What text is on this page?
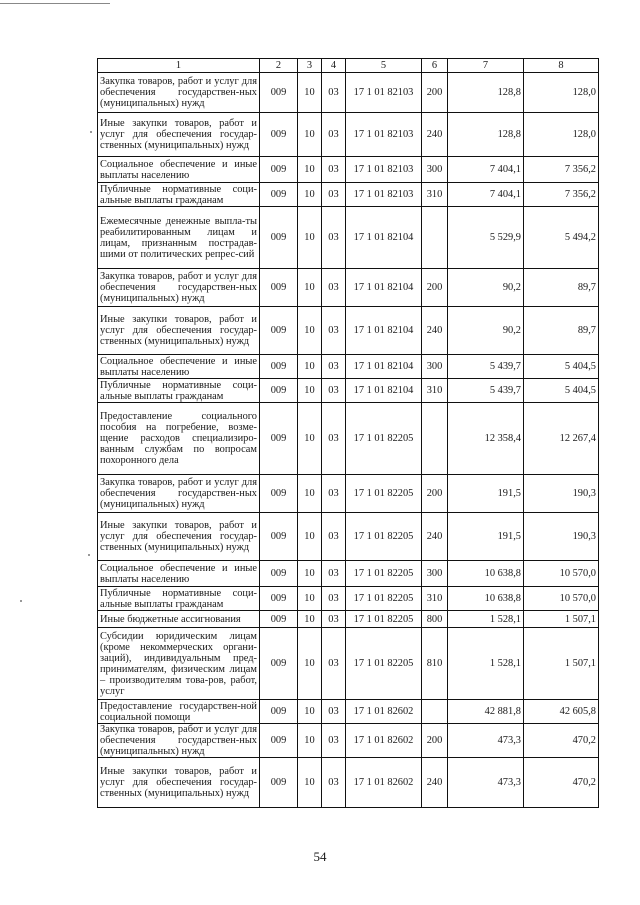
1	2	3	4	5	6	7	8
Закупка товаров, работ и услуг для обеспечения государствен-ных (муниципальных) нужд	009	10	03	17 1 01 82103	200	128,8	128,0
Иные закупки товаров, работ и услуг для обеспечения государ-ственных (муниципальных) нужд	009	10	03	17 1 01 82103	240	128,8	128,0
Социальное обеспечение и иные выплаты населению	009	10	03	17 1 01 82103	300	7 404,1	7 356,2
Публичные нормативные соци-альные выплаты гражданам	009	10	03	17 1 01 82103	310	7 404,1	7 356,2
Ежемесячные денежные выпла-ты реабилитированным лицам и лицам, признанным пострадав-шими от политических репрес-сий	009	10	03	17 1 01 82104		5 529,9	5 494,2
Закупка товаров, работ и услуг для обеспечения государствен-ных (муниципальных) нужд	009	10	03	17 1 01 82104	200	90,2	89,7
Иные закупки товаров, работ и услуг для обеспечения государ-ственных (муниципальных) нужд	009	10	03	17 1 01 82104	240	90,2	89,7
Социальное обеспечение и иные выплаты населению	009	10	03	17 1 01 82104	300	5 439,7	5 404,5
Публичные нормативные соци-альные выплаты гражданам	009	10	03	17 1 01 82104	310	5 439,7	5 404,5
Предоставление социального пособия на погребение, возме-щение расходов специализиро-ванным службам по вопросам похоронного дела	009	10	03	17 1 01 82205		12 358,4	12 267,4
Закупка товаров, работ и услуг для обеспечения государствен-ных (муниципальных) нужд	009	10	03	17 1 01 82205	200	191,5	190,3
Иные закупки товаров, работ и услуг для обеспечения государ-ственных (муниципальных) нужд	009	10	03	17 1 01 82205	240	191,5	190,3
Социальное обеспечение и иные выплаты населению	009	10	03	17 1 01 82205	300	10 638,8	10 570,0
Публичные нормативные соци-альные выплаты гражданам	009	10	03	17 1 01 82205	310	10 638,8	10 570,0
Иные бюджетные ассигнования	009	10	03	17 1 01 82205	800	1 528,1	1 507,1
Субсидии юридическим лицам (кроме некоммерческих органи-заций), индивидуальным пред-принимателям, физическим лицам – производителям това-ров, работ, услуг	009	10	03	17 1 01 82205	810	1 528,1	1 507,1
Предоставление государствен-ной социальной помощи	009	10	03	17 1 01 82602		42 881,8	42 605,8
Закупка товаров, работ и услуг для обеспечения государствен-ных (муниципальных) нужд	009	10	03	17 1 01 82602	200	473,3	470,2
Иные закупки товаров, работ и услуг для обеспечения государ-ственных (муниципальных) нужд	009	10	03	17 1 01 82602	240	473,3	470,2
54
